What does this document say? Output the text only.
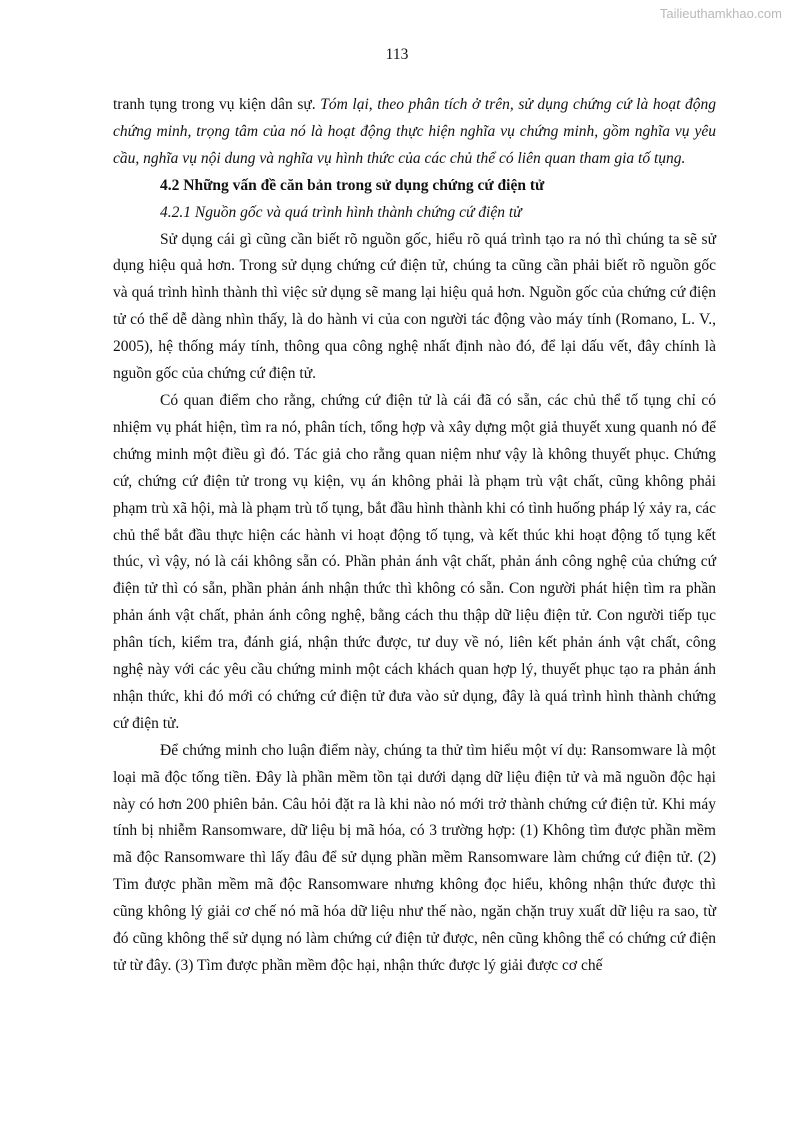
Tailieuthamkhao.com
113

tranh tụng trong vụ kiện dân sự. Tóm lại, theo phân tích ở trên, sử dụng chứng cứ là hoạt động chứng minh, trọng tâm của nó là hoạt động thực hiện nghĩa vụ chứng minh, gồm nghĩa vụ yêu cầu, nghĩa vụ nội dung và nghĩa vụ hình thức của các chủ thể có liên quan tham gia tố tụng.

4.2 Những vấn đề căn bản trong sử dụng chứng cứ điện tử

4.2.1 Nguồn gốc và quá trình hình thành chứng cứ điện tử

Sử dụng cái gì cũng cần biết rõ nguồn gốc, hiểu rõ quá trình tạo ra nó thì chúng ta sẽ sử dụng hiệu quả hơn. Trong sử dụng chứng cứ điện tử, chúng ta cũng cần phải biết rõ nguồn gốc và quá trình hình thành thì việc sử dụng sẽ mang lại hiệu quả hơn. Nguồn gốc của chứng cứ điện tử có thể dễ dàng nhìn thấy, là do hành vi của con người tác động vào máy tính (Romano, L. V., 2005), hệ thống máy tính, thông qua công nghệ nhất định nào đó, để lại dấu vết, đây chính là nguồn gốc của chứng cứ điện tử.

Có quan điểm cho rằng, chứng cứ điện tử là cái đã có sẵn, các chủ thể tố tụng chỉ có nhiệm vụ phát hiện, tìm ra nó, phân tích, tổng hợp và xây dựng một giả thuyết xung quanh nó để chứng minh một điều gì đó. Tác giả cho rằng quan niệm như vậy là không thuyết phục. Chứng cứ, chứng cứ điện tử trong vụ kiện, vụ án không phải là phạm trù vật chất, cũng không phải phạm trù xã hội, mà là phạm trù tố tụng, bắt đầu hình thành khi có tình huống pháp lý xảy ra, các chủ thể bắt đầu thực hiện các hành vi hoạt động tố tụng, và kết thúc khi hoạt động tố tụng kết thúc, vì vậy, nó là cái không sẵn có. Phần phản ánh vật chất, phản ánh công nghệ của chứng cứ điện tử thì có sẵn, phần phản ánh nhận thức thì không có sẵn. Con người phát hiện tìm ra phần phản ánh vật chất, phản ánh công nghệ, bằng cách thu thập dữ liệu điện tử. Con người tiếp tục phân tích, kiểm tra, đánh giá, nhận thức được, tư duy về nó, liên kết phản ánh vật chất, công nghệ này với các yêu cầu chứng minh một cách khách quan hợp lý, thuyết phục tạo ra phản ánh nhận thức, khi đó mới có chứng cứ điện tử đưa vào sử dụng, đây là quá trình hình thành chứng cứ điện tử.

Để chứng minh cho luận điểm này, chúng ta thử tìm hiểu một ví dụ: Ransomware là một loại mã độc tống tiền. Đây là phần mềm tồn tại dưới dạng dữ liệu điện tử và mã nguồn độc hại này có hơn 200 phiên bản. Câu hỏi đặt ra là khi nào nó mới trở thành chứng cứ điện tử. Khi máy tính bị nhiễm Ransomware, dữ liệu bị mã hóa, có 3 trường hợp: (1) Không tìm được phần mềm mã độc Ransomware thì lấy đâu để sử dụng phần mềm Ransomware làm chứng cứ điện tử. (2) Tìm được phần mềm mã độc Ransomware nhưng không đọc hiểu, không nhận thức được thì cũng không lý giải cơ chế nó mã hóa dữ liệu như thế nào, ngăn chặn truy xuất dữ liệu ra sao, từ đó cũng không thể sử dụng nó làm chứng cứ điện tử được, nên cũng không thể có chứng cứ điện tử từ đây. (3) Tìm được phần mềm độc hại, nhận thức được lý giải được cơ chế
